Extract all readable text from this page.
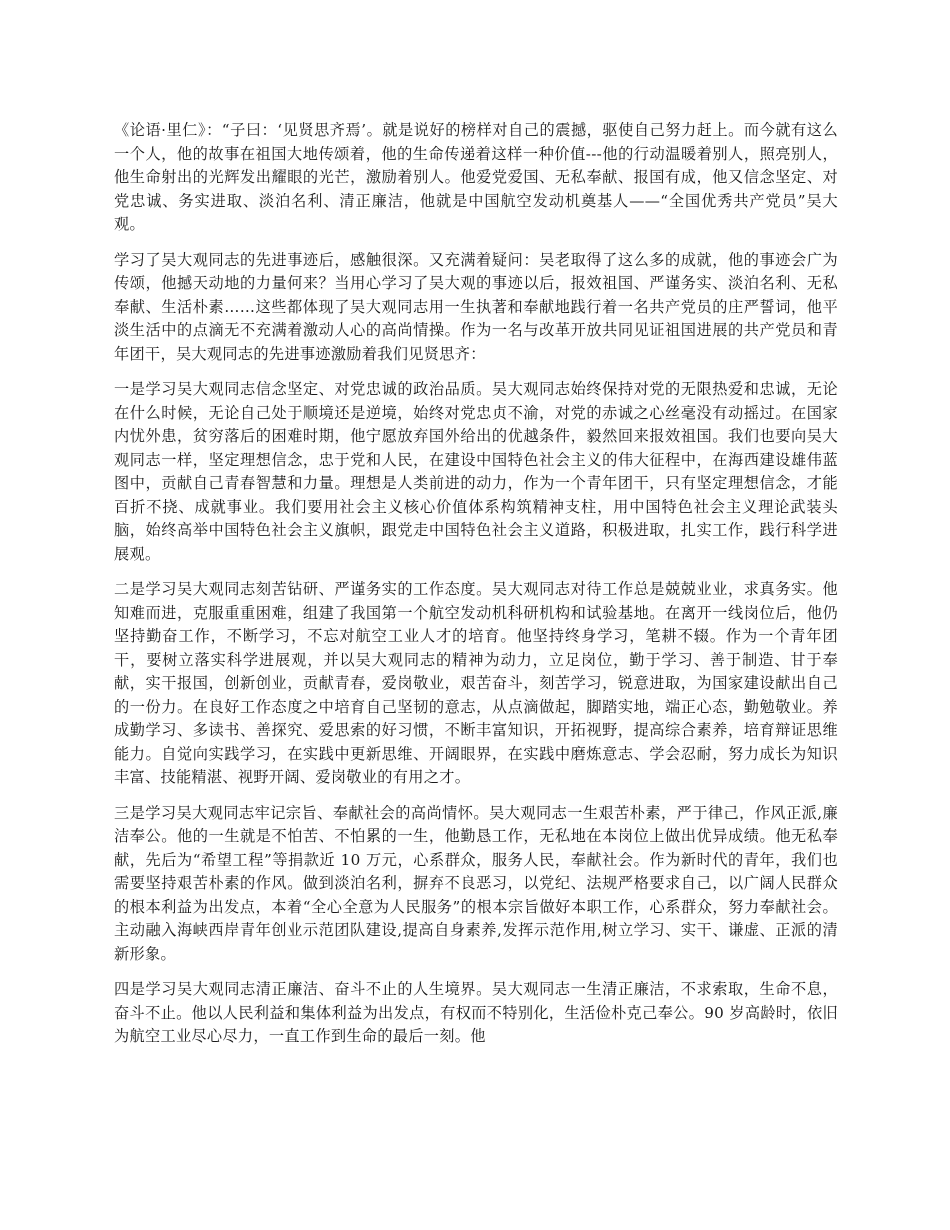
《论语·里仁》：“子曰：‘见贤思齐焉’。就是说好的榜样对自己的震撼，驱使自己努力赶上。而今就有这么一个人，他的故事在祖国大地传颂着，他的生命传递着这样一种价值---他的行动温暖着别人，照亮别人，他生命射出的光辉发出耀眼的光芒，激励着别人。他爱党爱国、无私奉献、报国有成，他又信念坚定、对党忠诚、务实进取、淡泊名利、清正廉洁，他就是中国航空发动机奠基人——“全国优秀共产党员”吴大观。

学习了吴大观同志的先进事迹后，感触很深。又充满着疑问：吴老取得了这么多的成就，他的事迹会广为传颂，他撼天动地的力量何来？当用心学习了吴大观的事迹以后，报效祖国、严谨务实、淡泊名利、无私奉献、生活朴素……这些都体现了吴大观同志用一生执著和奉献地践行着一名共产党员的庄严誓词，他平淡生活中的点滴无不充满着激动人心的高尚情操。作为一名与改革开放共同见证祖国进展的共产党员和青年团干，吴大观同志的先进事迹激励着我们见贤思齐：

一是学习吴大观同志信念坚定、对党忠诚的政治品质。吴大观同志始终保持对党的无限热爱和忠诚，无论在什么时候，无论自己处于顺境还是逆境，始终对党忠贞不渝，对党的赤诚之心丝毫没有动摇过。在国家内忧外患，贫穷落后的困难时期，他宁愿放弃国外给出的优越条件，毅然回来报效祖国。我们也要向吴大观同志一样，坚定理想信念，忠于党和人民，在建设中国特色社会主义的伟大征程中，在海西建设雄伟蓝图中，贡献自己青春智慧和力量。理想是人类前进的动力，作为一个青年团干，只有坚定理想信念，才能百折不挠、成就事业。我们要用社会主义核心价值体系构筑精神支柱，用中国特色社会主义理论武装头脑，始终高举中国特色社会主义旗帜，跟党走中国特色社会主义道路，积极进取，扎实工作，践行科学进展观。

二是学习吴大观同志刻苦钻研、严谨务实的工作态度。吴大观同志对待工作总是兢兢业业，求真务实。他知难而进，克服重重困难，组建了我国第一个航空发动机科研机构和试验基地。在离开一线岗位后，他仍坚持勤奋工作，不断学习，不忘对航空工业人才的培育。他坚持终身学习，笔耕不辍。作为一个青年团干，要树立落实科学进展观，并以吴大观同志的精神为动力，立足岗位，勤于学习、善于制造、甘于奉献，实干报国，创新创业，贡献青春，爱岗敬业，艰苦奋斗，刻苦学习，锐意进取，为国家建设献出自己的一份力。在良好工作态度之中培育自己坚韧的意志，从点滴做起，脚踏实地，端正心态，勤勉敬业。养成勤学习、多读书、善探究、爱思索的好习惯，不断丰富知识，开拓视野，提高综合素养，培育辩证思维能力。自觉向实践学习，在实践中更新思维、开阔眼界，在实践中磨炼意志、学会忍耐，努力成长为知识丰富、技能精湛、视野开阔、爱岗敬业的有用之才。

三是学习吴大观同志牢记宗旨、奉献社会的高尚情怀。吴大观同志一生艰苦朴素，严于律己，作风正派,廉洁奉公。他的一生就是不怕苦、不怕累的一生，他勤恳工作，无私地在本岗位上做出优异成绩。他无私奉献，先后为“希望工程”等捐款近 10 万元，心系群众，服务人民，奉献社会。作为新时代的青年，我们也需要坚持艰苦朴素的作风。做到淡泊名利，摒弃不良恶习，以党纪、法规严格要求自己，以广阔人民群众的根本利益为出发点，本着“全心全意为人民服务”的根本宗旨做好本职工作，心系群众，努力奉献社会。主动融入海峡西岸青年创业示范团队建设,提高自身素养,发挥示范作用,树立学习、实干、谦虚、正派的清新形象。

四是学习吴大观同志清正廉洁、奋斗不止的人生境界。吴大观同志一生清正廉洁，不求索取，生命不息，奋斗不止。他以人民利益和集体利益为出发点，有权而不特别化，生活俭朴克己奉公。90 岁高龄时，依旧为航空工业尽心尽力，一直工作到生命的最后一刻。他
